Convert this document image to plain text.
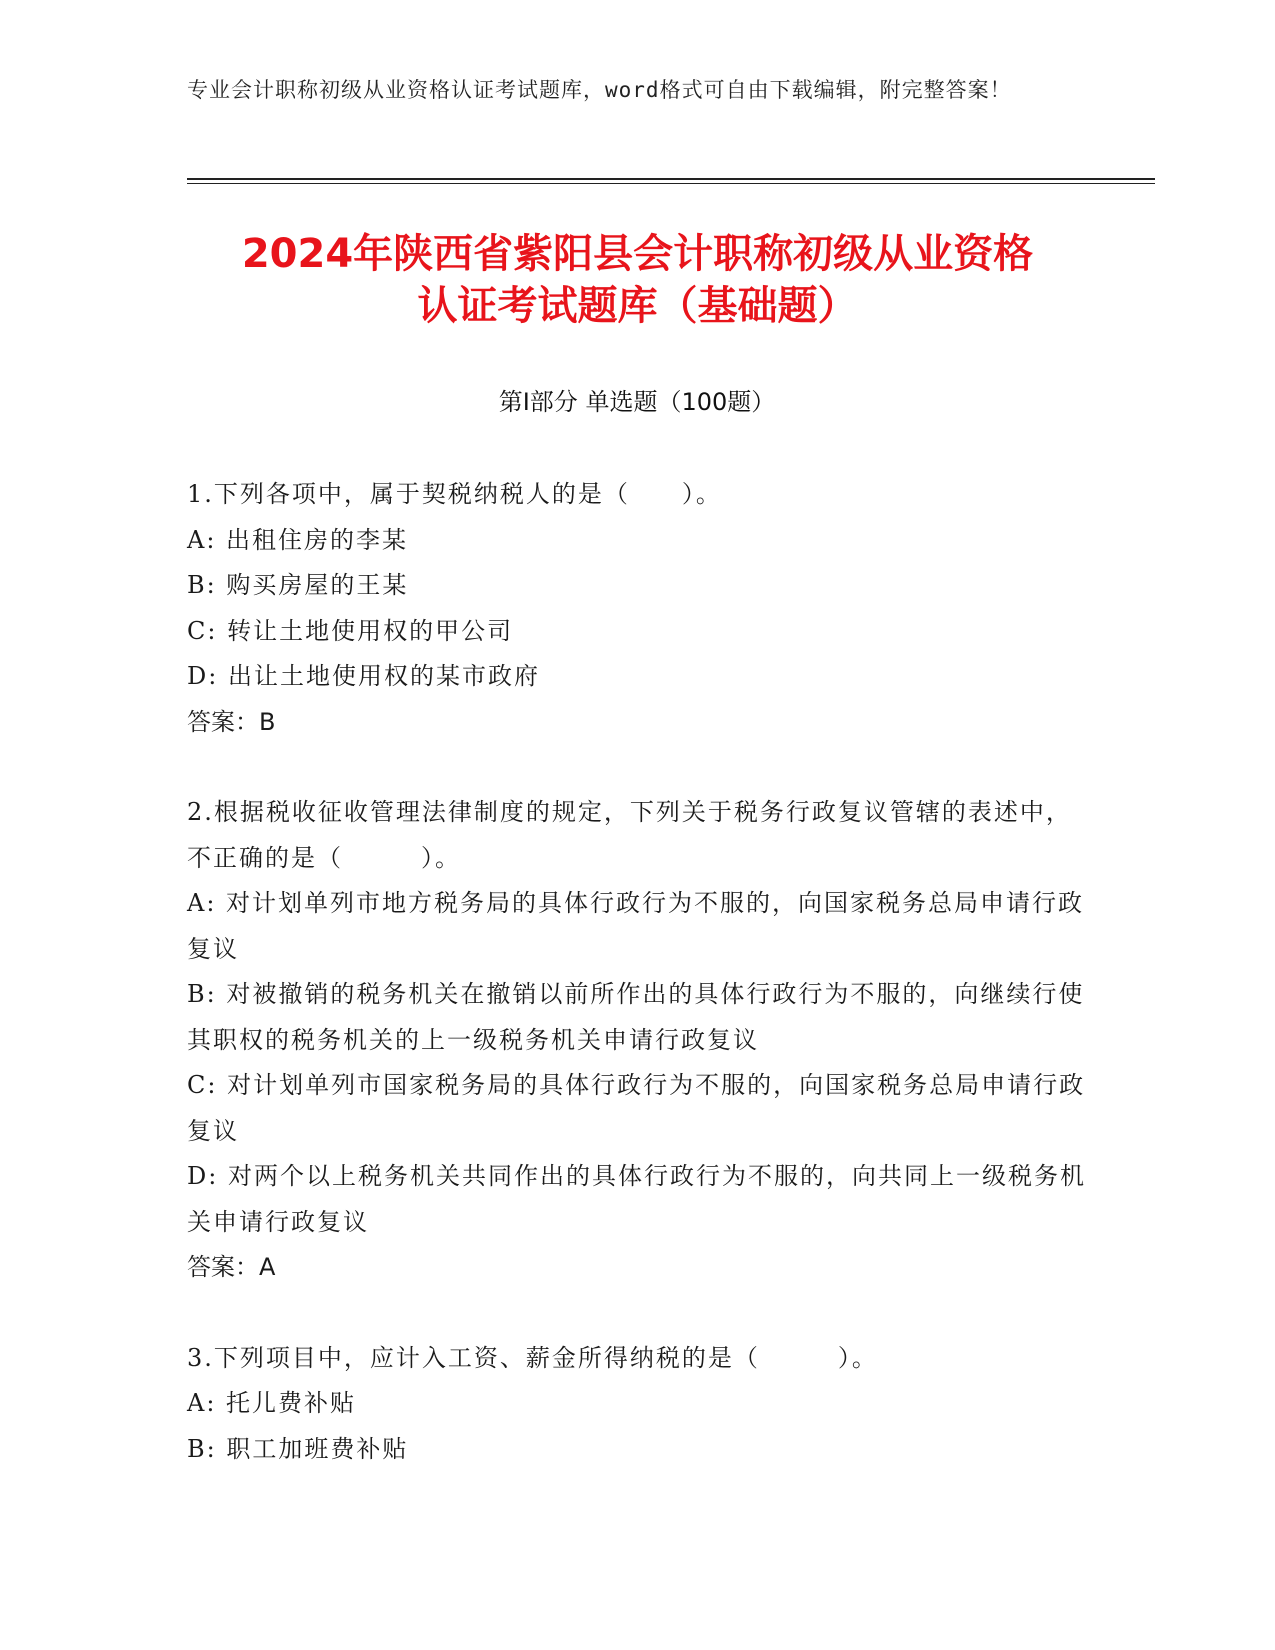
专业会计职称初级从业资格认证考试题库，word格式可自由下载编辑，附完整答案！
2024年陕西省紫阳县会计职称初级从业资格
认证考试题库（基础题）
第Ⅰ部分 单选题（100题）
1.下列各项中，属于契税纳税人的是（　　）。
A: 出租住房的李某
B: 购买房屋的王某
C: 转让土地使用权的甲公司
D: 出让土地使用权的某市政府
答案：B
2.根据税收征收管理法律制度的规定，下列关于税务行政复议管辖的表述中，不正确的是（　　　）。
A: 对计划单列市地方税务局的具体行政行为不服的，向国家税务总局申请行政复议
B: 对被撤销的税务机关在撤销以前所作出的具体行政行为不服的，向继续行使其职权的税务机关的上一级税务机关申请行政复议
C: 对计划单列市国家税务局的具体行政行为不服的，向国家税务总局申请行政复议
D: 对两个以上税务机关共同作出的具体行政行为不服的，向共同上一级税务机关申请行政复议
答案：A
3.下列项目中，应计入工资、薪金所得纳税的是（　　　）。
A: 托儿费补贴
B: 职工加班费补贴
